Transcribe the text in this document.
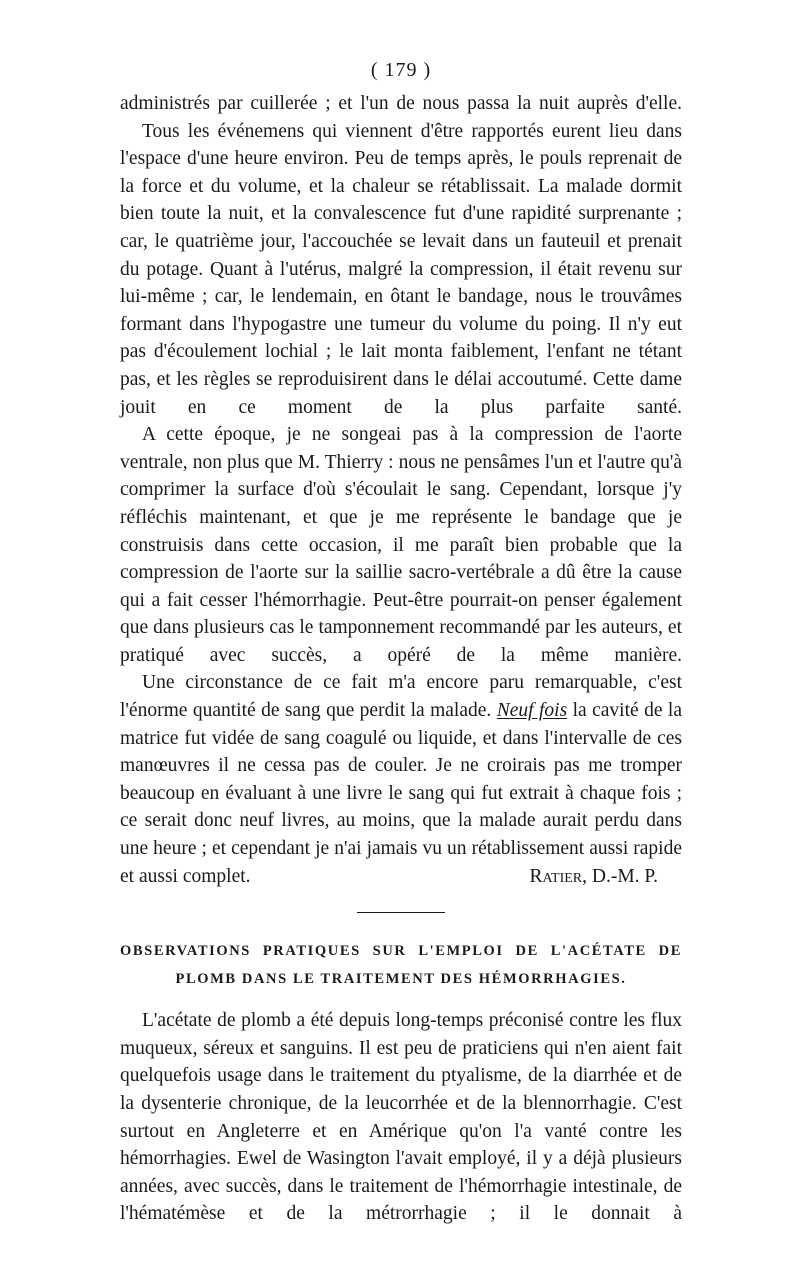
( 179 )

administrés par cuillerée ; et l'un de nous passa la nuit auprès d'elle.

Tous les événemens qui viennent d'être rapportés eurent lieu dans l'espace d'une heure environ. Peu de temps après, le pouls reprenait de la force et du volume, et la chaleur se rétablissait. La malade dormit bien toute la nuit, et la convalescence fut d'une rapidité surprenante ; car, le quatrième jour, l'accouchée se levait dans un fauteuil et prenait du potage. Quant à l'utérus, malgré la compression, il était revenu sur lui-même ; car, le lendemain, en ôtant le bandage, nous le trouvâmes formant dans l'hypogastre une tumeur du volume du poing. Il n'y eut pas d'écoulement lochial ; le lait monta faiblement, l'enfant ne tétant pas, et les règles se reproduisirent dans le délai accoutumé. Cette dame jouit en ce moment de la plus parfaite santé.

A cette époque, je ne songeai pas à la compression de l'aorte ventrale, non plus que M. Thierry : nous ne pensâmes l'un et l'autre qu'à comprimer la surface d'où s'écoulait le sang. Cependant, lorsque j'y réfléchis maintenant, et que je me représente le bandage que je construisis dans cette occasion, il me paraît bien probable que la compression de l'aorte sur la saillie sacro-vertébrale a dû être la cause qui a fait cesser l'hémorrhagie. Peut-être pourrait-on penser également que dans plusieurs cas le tamponnement recommandé par les auteurs, et pratiqué avec succès, a opéré de la même manière.

Une circonstance de ce fait m'a encore paru remarquable, c'est l'énorme quantité de sang que perdit la malade. Neuf fois la cavité de la matrice fut vidée de sang coagulé ou liquide, et dans l'intervalle de ces manœuvres il ne cessa pas de couler. Je ne croirais pas me tromper beaucoup en évaluant à une livre le sang qui fut extrait à chaque fois ; ce serait donc neuf livres, au moins, que la malade aurait perdu dans une heure ; et cependant je n'ai jamais vu un rétablissement aussi rapide

et aussi complet.	Ratier, D.-M. P.
OBSERVATIONS PRATIQUES SUR L'EMPLOI DE L'ACÉTATE DE
PLOMB DANS LE TRAITEMENT DES HÉMORRHAGIES.

L'acétate de plomb a été depuis long-temps préconisé contre les flux muqueux, séreux et sanguins. Il est peu de praticiens qui n'en aient fait quelquefois usage dans le traitement du ptyalisme, de la diarrhée et de la dysenterie chronique, de la leucorrhée et de la blennorrhagie. C'est surtout en Angleterre et en Amérique qu'on l'a vanté contre les hémorrhagies. Ewel de Wasington l'avait employé, il y a déjà plusieurs années, avec succès, dans le traitement de l'hémorrhagie intestinale, de l'hématémèse et de la métrorrhagie ; il le donnait à
